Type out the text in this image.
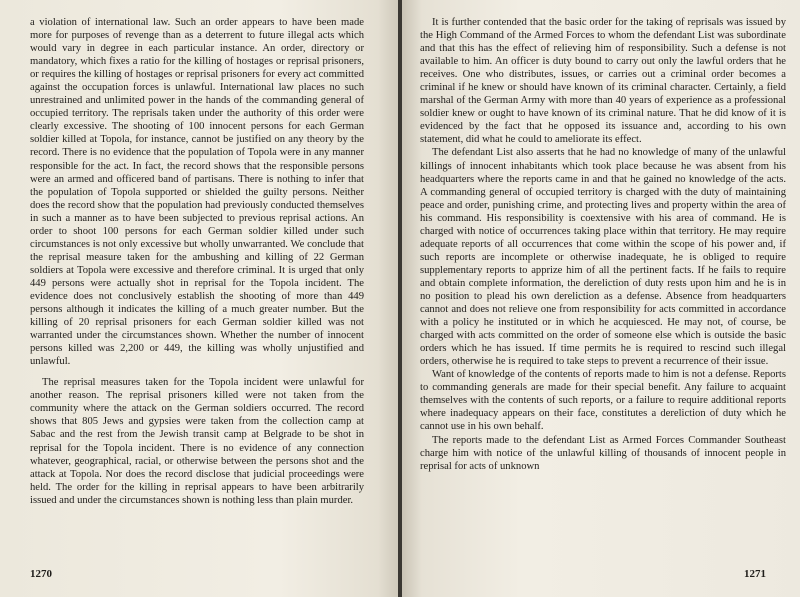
a violation of international law. Such an order appears to have been made more for purposes of revenge than as a deterrent to future illegal acts which would vary in degree in each particular instance. An order, directory or mandatory, which fixes a ratio for the killing of hostages or reprisal prisoners, or requires the killing of hostages or reprisal prisoners for every act committed against the occupation forces is unlawful. International law places no such unrestrained and unlimited power in the hands of the commanding general of occupied territory. The reprisals taken under the authority of this order were clearly excessive. The shooting of 100 innocent persons for each German soldier killed at Topola, for instance, cannot be justified on any theory by the record. There is no evidence that the population of Topola were in any manner responsible for the act. In fact, the record shows that the responsible persons were an armed and officered band of partisans. There is nothing to infer that the population of Topola supported or shielded the guilty persons. Neither does the record show that the population had previously conducted themselves in such a manner as to have been subjected to previous reprisal actions. An order to shoot 100 persons for each German soldier killed under such circumstances is not only excessive but wholly unwarranted. We conclude that the reprisal measure taken for the ambushing and killing of 22 German soldiers at Topola were excessive and therefore criminal. It is urged that only 449 persons were actually shot in reprisal for the Topola incident. The evidence does not conclusively establish the shooting of more than 449 persons although it indicates the killing of a much greater number. But the killing of 20 reprisal prisoners for each German soldier killed was not warranted under the circumstances shown. Whether the number of innocent persons killed was 2,200 or 449, the killing was wholly unjustified and unlawful.

The reprisal measures taken for the Topola incident were unlawful for another reason. The reprisal prisoners killed were not taken from the community where the attack on the German soldiers occurred. The record shows that 805 Jews and gypsies were taken from the collection camp at Sabac and the rest from the Jewish transit camp at Belgrade to be shot in reprisal for the Topola incident. There is no evidence of any connection whatever, geographical, racial, or otherwise between the persons shot and the attack at Topola. Nor does the record disclose that judicial proceedings were held. The order for the killing in reprisal appears to have been arbitrarily issued and under the circumstances shown is nothing less than plain murder.

1270

It is further contended that the basic order for the taking of reprisals was issued by the High Command of the Armed Forces to whom the defendant List was subordinate and that this has the effect of relieving him of responsibility. Such a defense is not available to him. An officer is duty bound to carry out only the lawful orders that he receives. One who distributes, issues, or carries out a criminal order becomes a criminal if he knew or should have known of its criminal character. Certainly, a field marshal of the German Army with more than 40 years of experience as a professional soldier knew or ought to have known of its criminal nature. That he did know of it is evidenced by the fact that he opposed its issuance and, according to his own statement, did what he could to ameliorate its effect.

The defendant List also asserts that he had no knowledge of many of the unlawful killings of innocent inhabitants which took place because he was absent from his headquarters where the reports came in and that he gained no knowledge of the acts. A commanding general of occupied territory is charged with the duty of maintaining peace and order, punishing crime, and protecting lives and property within the area of his command. His responsibility is coextensive with his area of command. He is charged with notice of occurrences taking place within that territory. He may require adequate reports of all occurrences that come within the scope of his power and, if such reports are incomplete or otherwise inadequate, he is obliged to require supplementary reports to apprize him of all the pertinent facts. If he fails to require and obtain complete information, the dereliction of duty rests upon him and he is in no position to plead his own dereliction as a defense. Absence from headquarters cannot and does not relieve one from responsibility for acts committed in accordance with a policy he instituted or in which he acquiesced. He may not, of course, be charged with acts committed on the order of someone else which is outside the basic orders which he has issued. If time permits he is required to rescind such illegal orders, otherwise he is required to take steps to prevent a recurrence of their issue.

Want of knowledge of the contents of reports made to him is not a defense. Reports to commanding generals are made for their special benefit. Any failure to acquaint themselves with the contents of such reports, or a failure to require additional reports where inadequacy appears on their face, constitutes a dereliction of duty which he cannot use in his own behalf.

The reports made to the defendant List as Armed Forces Commander Southeast charge him with notice of the unlawful killing of thousands of innocent people in reprisal for acts of unknown

1271
